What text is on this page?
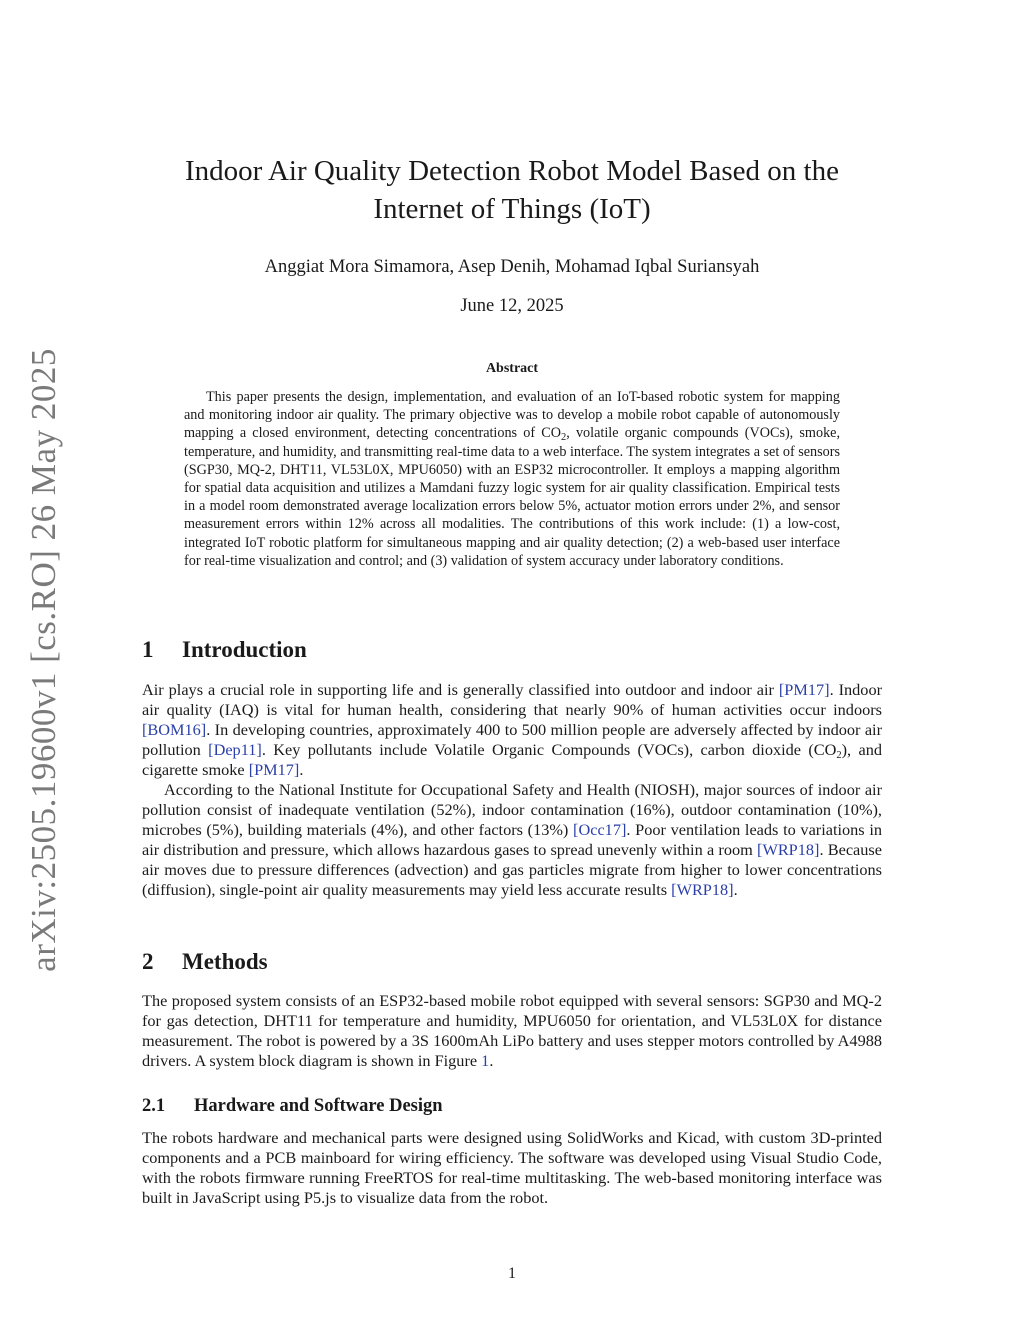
arXiv:2505.19600v1 [cs.RO] 26 May 2025
Indoor Air Quality Detection Robot Model Based on the
Internet of Things (IoT)
Anggiat Mora Simamora, Asep Denih, Mohamad Iqbal Suriansyah
June 12, 2025
Abstract
This paper presents the design, implementation, and evaluation of an IoT-based robotic system for mapping and monitoring indoor air quality. The primary objective was to develop a mobile robot capable of autonomously mapping a closed environment, detecting concentrations of $CO_2$, volatile organic compounds (VOCs), smoke, temperature, and humidity, and transmitting real-time data to a web interface. The system integrates a set of sensors (SGP30, MQ-2, DHT11, VL53L0X, MPU6050) with an ESP32 microcontroller. It employs a mapping algorithm for spatial data acquisition and utilizes a Mamdani fuzzy logic system for air quality classification. Empirical tests in a model room demonstrated average localization errors below 5%, actuator motion errors under 2%, and sensor measurement errors within 12% across all modalities. The contributions of this work include: (1) a low-cost, integrated IoT robotic platform for simultaneous mapping and air quality detection; (2) a web-based user interface for real-time visualization and control; and (3) validation of system accuracy under laboratory conditions.
1 Introduction

Air plays a crucial role in supporting life and is generally classified into outdoor and indoor air [PM17]. Indoor air quality (IAQ) is vital for human health, considering that nearly 90% of human activities occur indoors [BOM16]. In developing countries, approximately 400 to 500 million people are adversely affected by indoor air pollution [Dep11]. Key pollutants include Volatile Organic Compounds (VOCs), carbon dioxide $(CO_2)$, and cigarette smoke [PM17].

According to the National Institute for Occupational Safety and Health (NIOSH), major sources of indoor air pollution consist of inadequate ventilation (52%), indoor contamination (16%), outdoor contamination (10%), microbes (5%), building materials (4%), and other factors (13%) [Occ17]. Poor ventilation leads to variations in air distribution and pressure, which allows hazardous gases to spread unevenly within a room [WRP18]. Because air moves due to pressure differences (advection) and gas particles migrate from higher to lower concentrations (diffusion), single-point air quality measurements may yield less accurate results [WRP18].

2 Methods

The proposed system consists of an ESP32-based mobile robot equipped with several sensors: SGP30 and MQ-2 for gas detection, DHT11 for temperature and humidity, MPU6050 for orientation, and VL53L0X for distance measurement. The robot is powered by a 3S 1600mAh LiPo battery and uses stepper motors controlled by A4988 drivers. A system block diagram is shown in Figure 1.

2.1 Hardware and Software Design

The robots hardware and mechanical parts were designed using SolidWorks and Kicad, with custom 3D-printed components and a PCB mainboard for wiring efficiency. The software was developed using Visual Studio Code, with the robots firmware running FreeRTOS for real-time multitasking. The web-based monitoring interface was built in JavaScript using P5.js to visualize data from the robot.

1
